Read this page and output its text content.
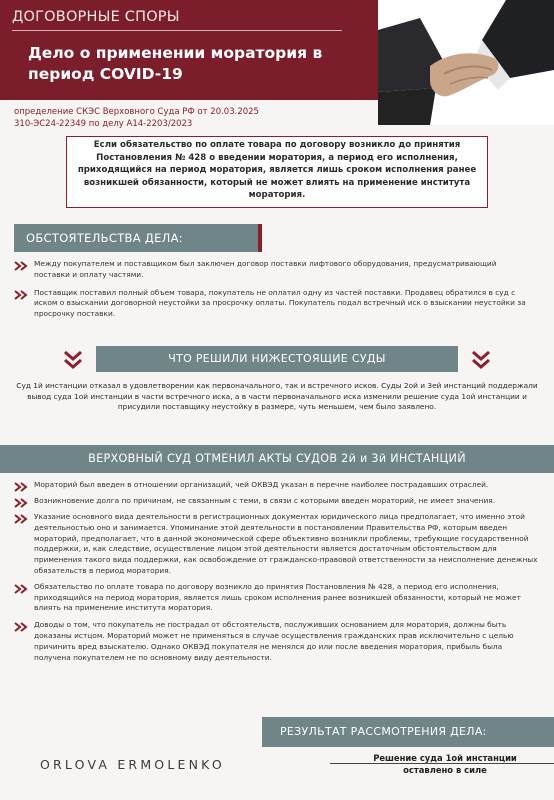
ДОГОВОРНЫЕ СПОРЫ
Дело о применении моратория в период COVID-19
определение СКЭС Верховного Суда РФ от 20.03.2025
310-ЭС24-22349 по делу А14-2203/2023
Если обязательство по оплате товара по договору возникло до принятия Постановления № 428 о введении моратория, а период его исполнения, приходящийся на период моратория, является лишь сроком исполнения ранее возникшей обязанности, который не может влиять на применение института моратория.
ОБСТОЯТЕЛЬСТВА ДЕЛА:
Между покупателем и поставщиком был заключен договор поставки лифтового оборудования, предусматривающий поставки и оплату частями.
Поставщик поставил полный объем товара, покупатель не оплатил одну из частей поставки. Продавец обратился в суд с иском о взыскании договорной неустойки за просрочку оплаты. Покупатель подал встречный иск о взыскании неустойки за просрочку поставки.
ЧТО РЕШИЛИ НИЖЕСТОЯЩИЕ СУДЫ
Суд 1й инстанции отказал в удовлетворении как первоначального, так и встречного исков. Суды 2ой и 3ей инстанций поддержали вывод суда 1ой инстанции в части встречного иска, а в части первоначального иска изменили решение суда 1ой инстанции и присудили поставщику неустойку в размере, чуть меньшем, чем было заявлено.
ВЕРХОВНЫЙ СУД ОТМЕНИЛ АКТЫ СУДОВ 2й и 3й ИНСТАНЦИЙ
Мораторий был введен в отношении организаций, чей ОКВЭД указан в перечне наиболее пострадавших отраслей.
Возникновение долга по причинам, не связанным с теми, в связи с которыми введен мораторий, не имеет значения.
Указание основного вида деятельности в регистрационных документах юридического лица предполагает, что именно этой деятельностью оно и занимается. Упоминание этой деятельности в постановлении Правительства РФ, которым введен мораторий, предполагает, что в данной экономической сфере объективно возникли проблемы, требующие государственной поддержки, и, как следствие, осуществление лицом этой деятельности является достаточным обстоятельством для применения такого вида поддержки, как освобождение от гражданско-правовой ответственности за неисполнение денежных обязательств в период моратория.
Обязательство по оплате товара по договору возникло до принятия Постановления № 428, а период его исполнения, приходящийся на период моратория, является лишь сроком исполнения ранее возникшей обязанности, который не может влиять на применение института моратория.
Доводы о том, что покупатель не пострадал от обстоятельств, послуживших основанием для моратория, должны быть доказаны истцом. Мораторий может не применяться в случае осуществления гражданских прав исключительно с целью причинить вред взыскателю. Однако ОКВЭД покупателя не менялся до или после введения моратория, прибыль была получена покупателем не по основному виду деятельности.
РЕЗУЛЬТАТ РАССМОТРЕНИЯ ДЕЛА:
Решение суда 1ой инстанции
оставлено в силе
ORLOVA ERMOLENKO
